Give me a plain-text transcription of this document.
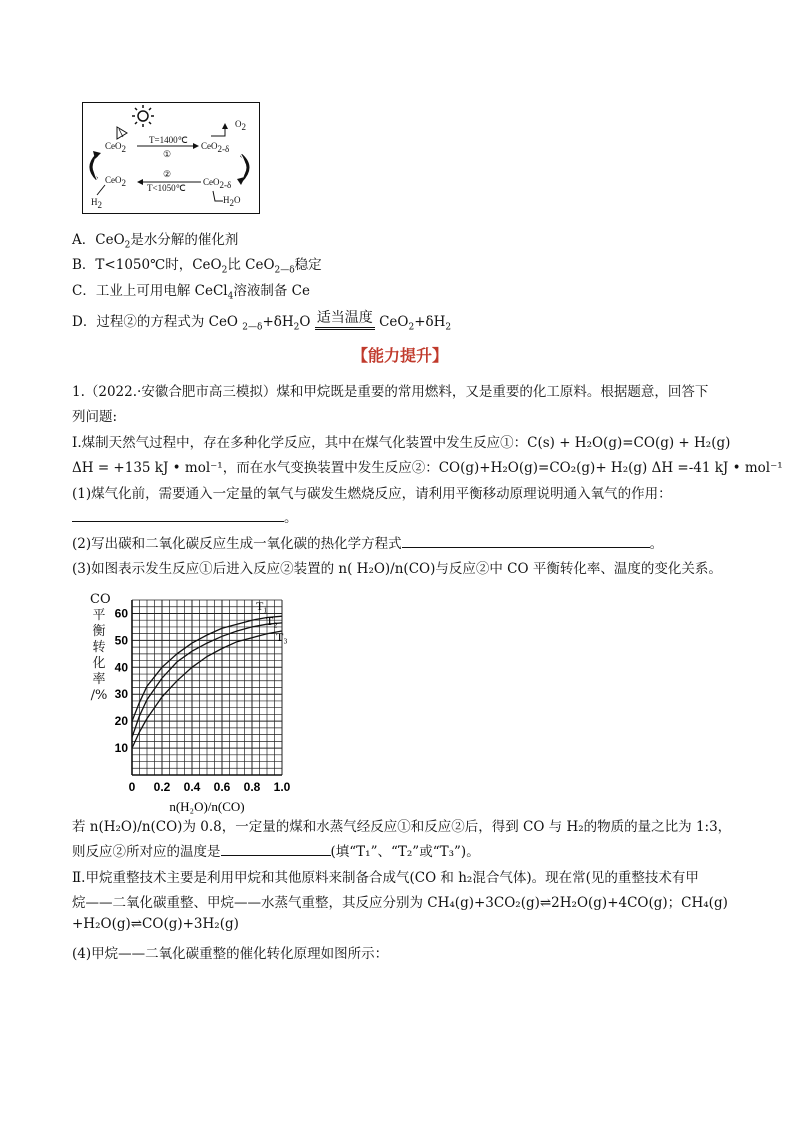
CeO$_2$
T=1400℃
①
CeO$_{2-\delta}$
$O_2$
②
T<1050℃
CeO$_2$	CeO$_{2-\delta}$
$H_2$	$H_2O$
A．CeO$_2$是水分解的催化剂
B．T<1050℃时，CeO$_2$比 CeO$_{2—\delta}$稳定
C．工业上可用电解 CeCl$_4$溶液制备 Ce
D．过程②的方程式为 CeO $_{2—\delta}+\delta H_2O$ 适当温度 $CeO_2+\delta H_2$
【能力提升】
1.（2022.·安徽合肥市高三模拟）煤和甲烷既是重要的常用燃料，又是重要的化工原料。根据题意，回答下
列问题:
Ⅰ.煤制天然气过程中，存在多种化学反应，其中在煤气化装置中发生反应①：C(s) + H₂O(g)=CO(g) + H₂(g)
ΔH = +135 kJ • mol⁻¹，而在水气变换装置中发生反应②：CO(g)+H₂O(g)=CO₂(g)+ H₂(g) ΔH =-41 kJ • mol⁻¹
(1)煤气化前，需要通入一定量的氧气与碳发生燃烧反应，请利用平衡移动原理说明通入氧气的作用：
。
(2)写出碳和二氧化碳反应生成一氧化碳的热化学方程式	。
(3)如图表示发生反应①后进入反应②装置的 n( H₂O)/n(CO)与反应②中 CO 平衡转化率、温度的变化关系。
CO
平
衡
转
化
率
/%
10
20
30
40
50
60
0 0.2 0.4 0.6 0.8 1.0
n(H₂O)/n(CO)
T₁
T₂
T₃
若 n(H₂O)/n(CO)为 0.8，一定量的煤和水蒸气经反应①和反应②后，得到 CO 与 H₂的物质的量之比为 1:3，
则反应②所对应的温度是	(填“T₁”、“T₂”或“T₃”)。
Ⅱ.甲烷重整技术主要是利用甲烷和其他原料来制备合成气(CO 和 h₂混合气体)。现在常(见的重整技术有甲
烷——二氧化碳重整、甲烷——水蒸气重整，其反应分别为 CH₄(g)+3CO₂(g)⇌2H₂O(g)+4CO(g)；CH₄(g)
+H₂O(g)⇌CO(g)+3H₂(g)
(4)甲烷——二氧化碳重整的催化转化原理如图所示：
